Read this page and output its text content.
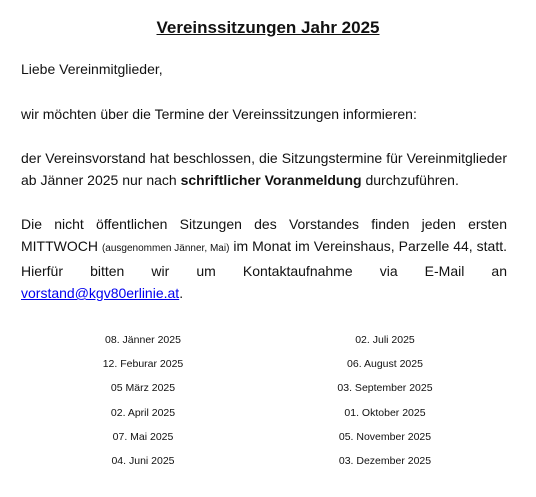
Vereinssitzungen Jahr 2025
Liebe Vereinmitglieder,
wir möchten über die Termine der Vereinssitzungen informieren:
der Vereinsvorstand hat beschlossen, die Sitzungstermine für Vereinmitglieder ab Jänner 2025 nur nach schriftlicher Voranmeldung durchzuführen.
Die nicht öffentlichen Sitzungen des Vorstandes finden jeden ersten MITTWOCH (ausgenommen Jänner, Mai) im Monat im Vereinshaus, Parzelle 44, statt. Hierfür bitten wir um Kontaktaufnahme via E-Mail an vorstand@kgv80erlinie.at.
08. Jänner 2025
12. Feburar 2025
05 März 2025
02. April 2025
07. Mai 2025
04. Juni 2025
02. Juli 2025
06. August 2025
03. September 2025
01. Oktober 2025
05. November 2025
03. Dezember 2025
